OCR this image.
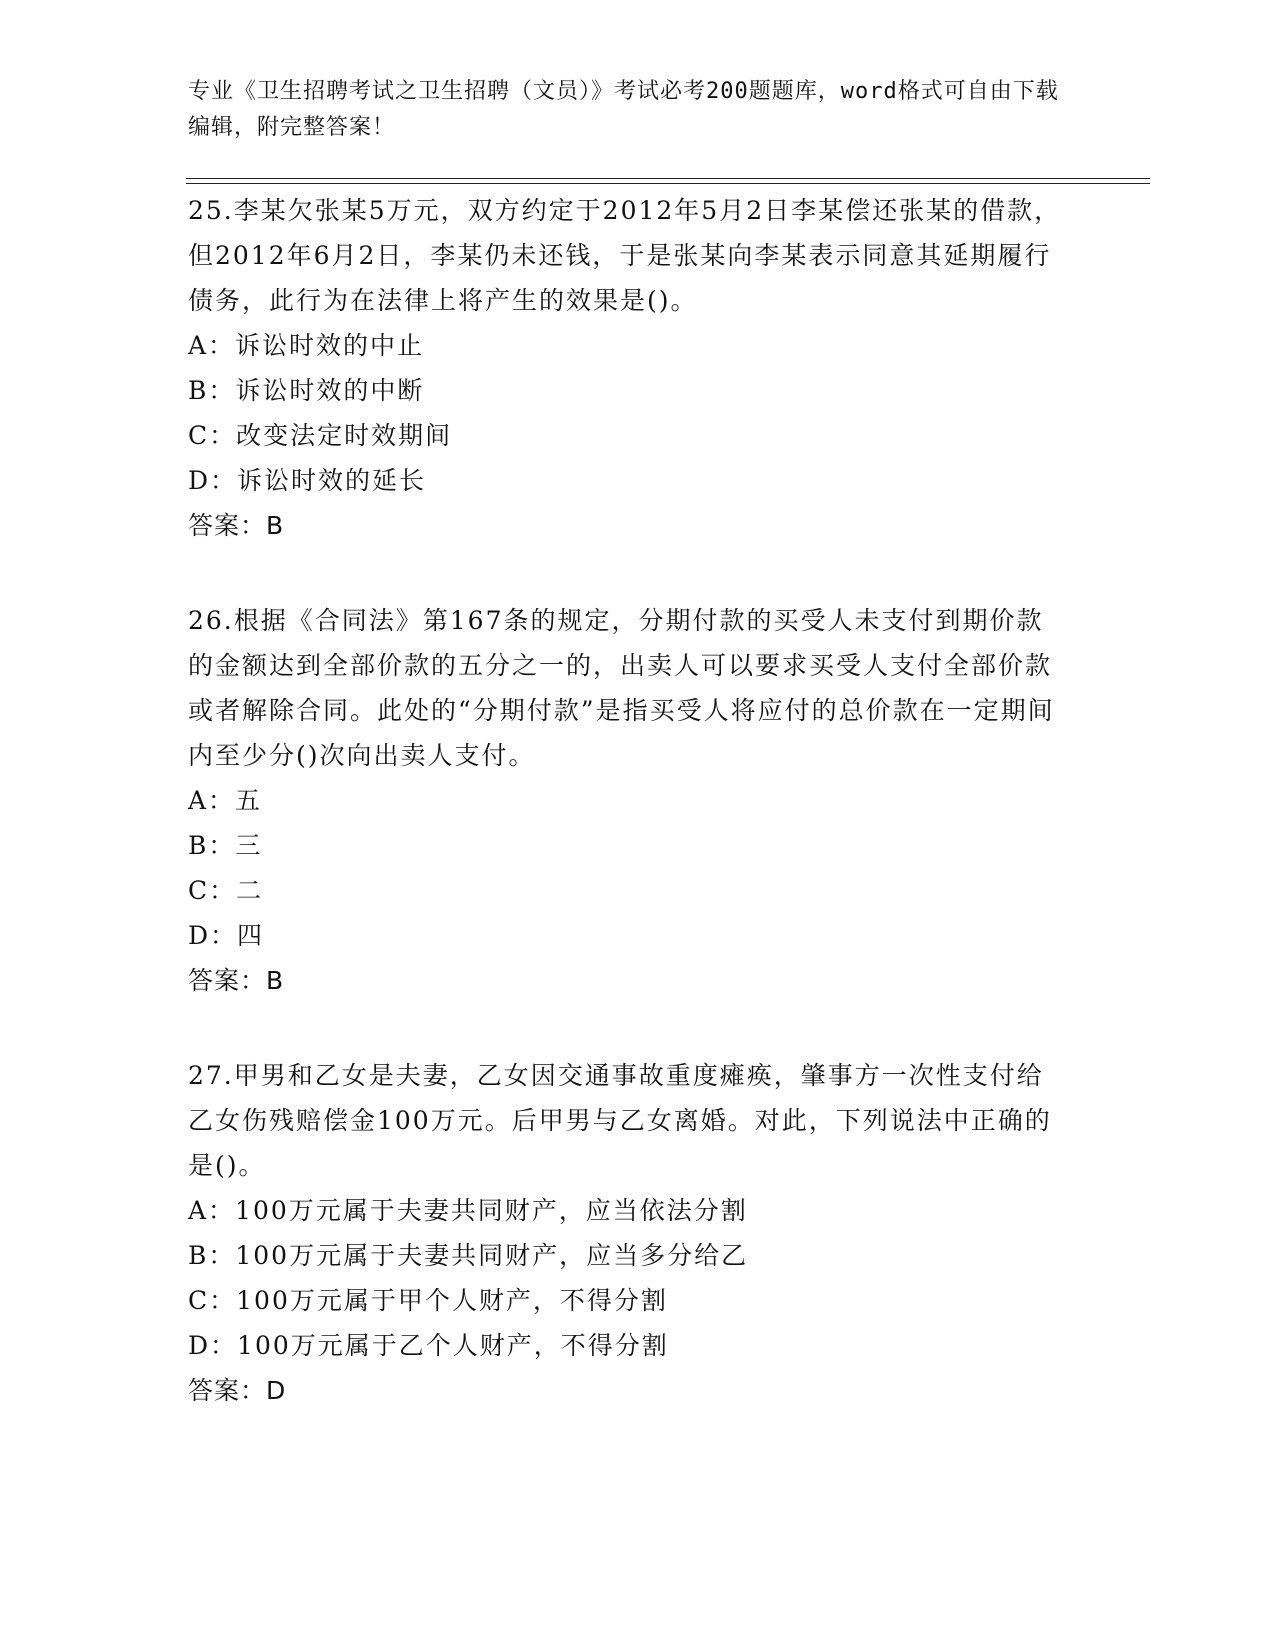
专业《卫生招聘考试之卫生招聘（文员）》考试必考200题题库，word格式可自由下载编辑，附完整答案！

25.李某欠张某5万元，双方约定于2012年5月2日李某偿还张某的借款，但2012年6月2日，李某仍未还钱，于是张某向李某表示同意其延期履行债务，此行为在法律上将产生的效果是()。

A：诉讼时效的中止

B：诉讼时效的中断

C：改变法定时效期间

D：诉讼时效的延长

答案：B

26.根据《合同法》第167条的规定，分期付款的买受人未支付到期价款的金额达到全部价款的五分之一的，出卖人可以要求买受人支付全部价款或者解除合同。此处的“分期付款”是指买受人将应付的总价款在一定期间内至少分()次向出卖人支付。

A：五

B：三

C：二

D：四

答案：B

27.甲男和乙女是夫妻，乙女因交通事故重度瘫痪，肇事方一次性支付给乙女伤残赔偿金100万元。后甲男与乙女离婚。对此，下列说法中正确的是()。

A：100万元属于夫妻共同财产，应当依法分割

B：100万元属于夫妻共同财产，应当多分给乙

C：100万元属于甲个人财产，不得分割

D：100万元属于乙个人财产，不得分割

答案：D
